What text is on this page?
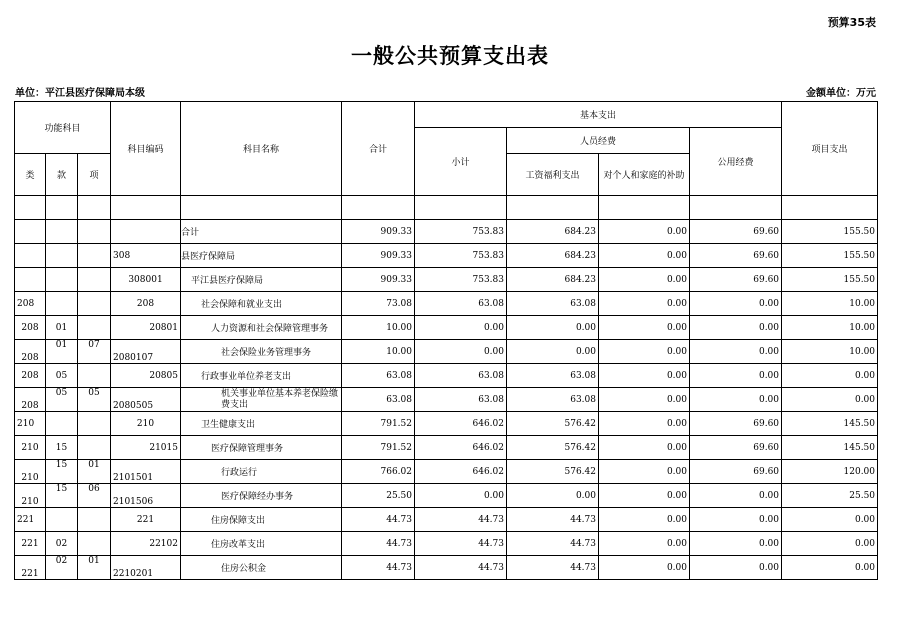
预算35表
一般公共预算支出表
单位：平江县医疗保障局本级	金额单位：万元
功能科目			科目编码	科目名称	合计	基本支出				项目支出
						小计	人员经费		公用经费	
类	款	项					工资福利支出	对个人和家庭的补助		

				合计	909.33	753.83	684.23	0.00	69.60	155.50
			308	县医疗保障局	909.33	753.83	684.23	0.00	69.60	155.50
			308001	平江县医疗保障局	909.33	753.83	684.23	0.00	69.60	155.50
208			208	社会保障和就业支出	73.08	63.08	63.08	0.00	0.00	10.00
208	01		20801	人力资源和社会保障管理事务	10.00	0.00	0.00	0.00	0.00	10.00
208	01	07	2080107	社会保险业务管理事务	10.00	0.00	0.00	0.00	0.00	10.00
208	05		20805	行政事业单位养老支出	63.08	63.08	63.08	0.00	0.00	0.00
208	05	05	2080505	机关事业单位基本养老保险缴费支出	63.08	63.08	63.08	0.00	0.00	0.00
210			210	卫生健康支出	791.52	646.02	576.42	0.00	69.60	145.50
210	15		21015	医疗保障管理事务	791.52	646.02	576.42	0.00	69.60	145.50
210	15	01	2101501	行政运行	766.02	646.02	576.42	0.00	69.60	120.00
210	15	06	2101506	医疗保障经办事务	25.50	0.00	0.00	0.00	0.00	25.50
221			221	住房保障支出	44.73	44.73	44.73	0.00	0.00	0.00
221	02		22102	住房改革支出	44.73	44.73	44.73	0.00	0.00	0.00
221	02	01	2210201	住房公积金	44.73	44.73	44.73	0.00	0.00	0.00
